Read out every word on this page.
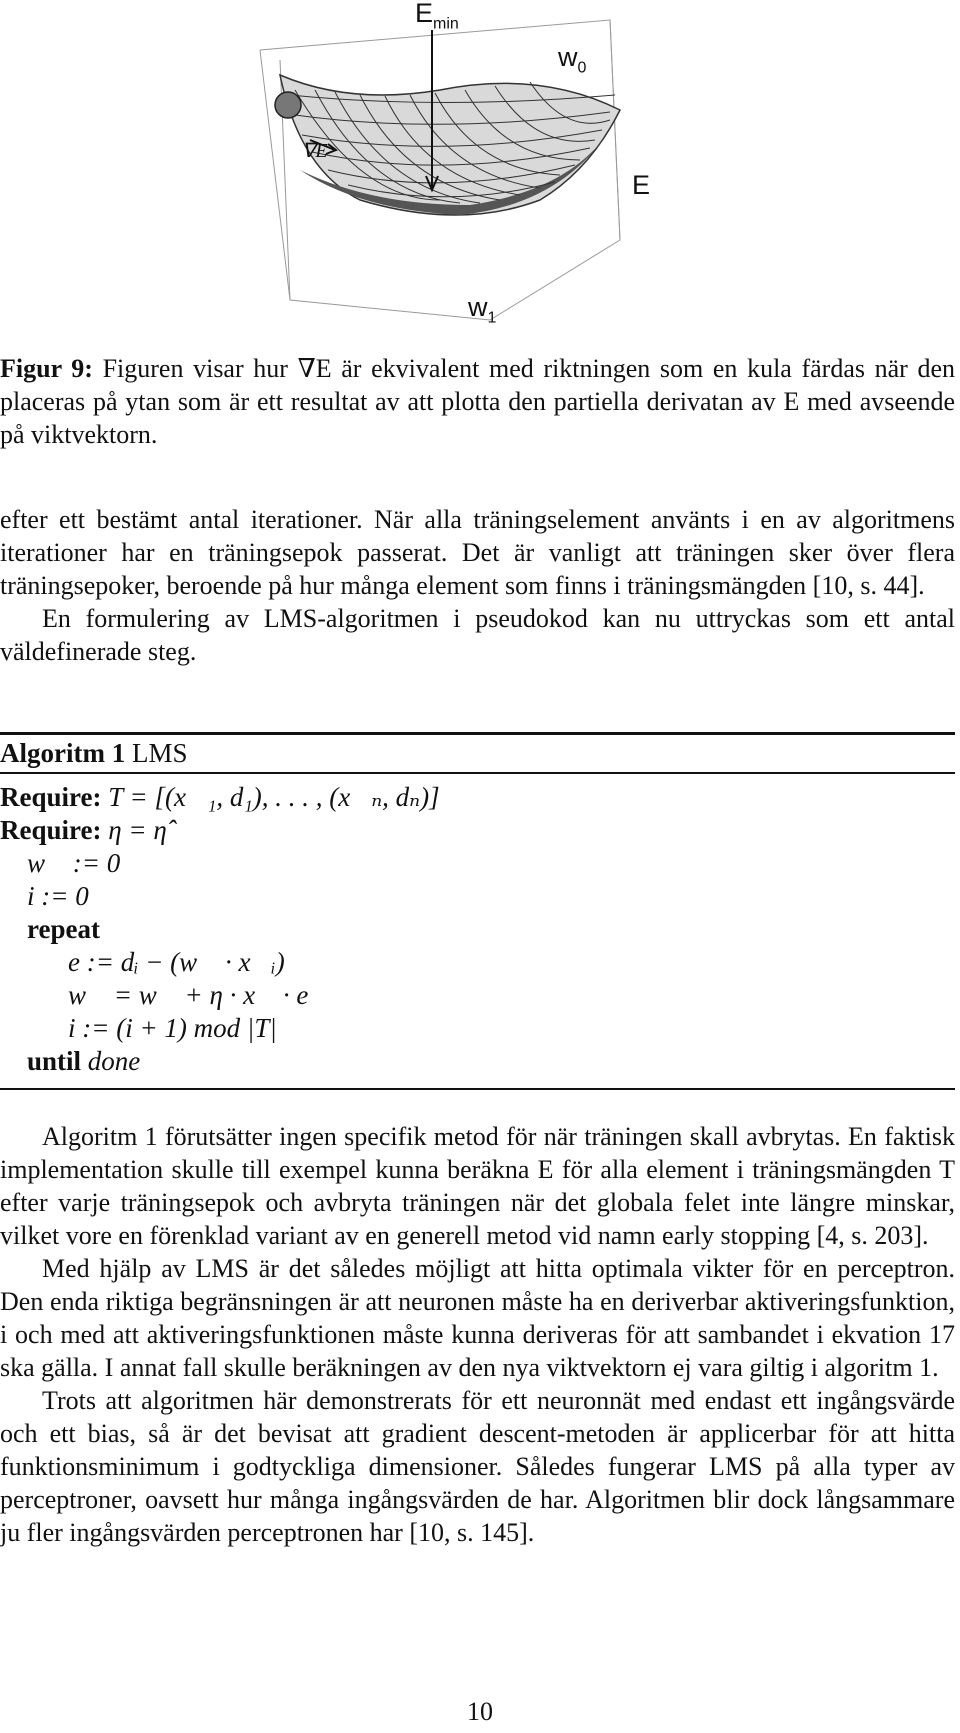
$E_{min}$
$w_0$
E
$w_1$
∇E

Figur 9: Figuren visar hur ∇E är ekvivalent med riktningen som en kula färdas när den placeras på ytan som är ett resultat av att plotta den partiella derivatan av E med avseende på viktvektorn.

efter ett bestämt antal iterationer. När alla träningselement använts i en av algoritmens iterationer har en träningsepok passerat. Det är vanligt att träningen sker över flera träningsepoker, beroende på hur många element som finns i träningsmängden [10, s. 44].

En formulering av LMS-algoritmen i pseudokod kan nu uttryckas som ett antal väldefinerade steg.

Algoritm 1 LMS
Require: T = [(x⃗₁, d₁), . . . , (x⃗ₙ, dₙ)]
Require: η = η̂
w⃗ := 0⃗
i := 0
repeat
e := dᵢ − (w⃗ · x⃗ᵢ)
w⃗ = w⃗ + η · x⃗ · e
i := (i + 1) mod |T|
until done

Algoritm 1 förutsätter ingen specifik metod för när träningen skall avbrytas. En faktisk implementation skulle till exempel kunna beräkna E för alla element i träningsmängden T efter varje träningsepok och avbryta träningen när det globala felet inte längre minskar, vilket vore en förenklad variant av en generell metod vid namn early stopping [4, s. 203].

Med hjälp av LMS är det således möjligt att hitta optimala vikter för en perceptron. Den enda riktiga begränsningen är att neuronen måste ha en deriverbar aktiveringsfunktion, i och med att aktiveringsfunktionen måste kunna deriveras för att sambandet i ekvation 17 ska gälla. I annat fall skulle beräkningen av den nya viktvektorn ej vara giltig i algoritm 1.

Trots att algoritmen här demonstrerats för ett neuronnät med endast ett ingångsvärde och ett bias, så är det bevisat att gradient descent-metoden är applicerbar för att hitta funktionsminimum i godtyckliga dimensioner. Således fungerar LMS på alla typer av perceptroner, oavsett hur många ingångsvärden de har. Algoritmen blir dock långsammare ju fler ingångsvärden perceptronen har [10, s. 145].

10
